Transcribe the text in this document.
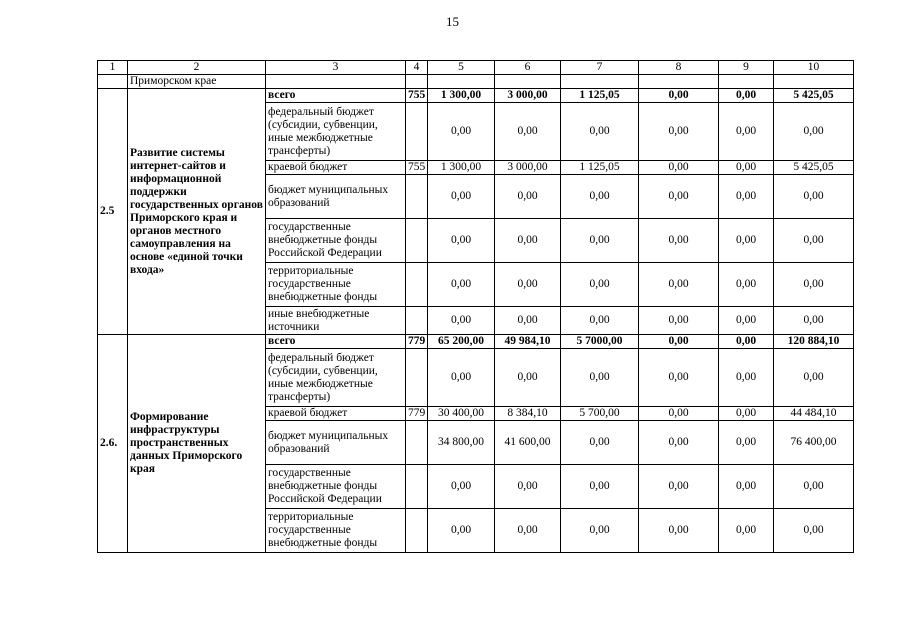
15
1	2	3	4	5	6	7	8	9	10
	Приморском крае								
2.5	Развитие системы интернет-сайтов и информационной поддержки государственных органов Приморского края и органов местного самоуправления на основе «единой точки входа»	всего	755	1 300,00	3 000,00	1 125,05	0,00	0,00	5 425,05
		федеральный бюджет (субсидии, субвенции, иные межбюджетные трансферты)		0,00	0,00	0,00	0,00	0,00	0,00
		краевой бюджет	755	1 300,00	3 000,00	1 125,05	0,00	0,00	5 425,05
		бюджет муниципальных образований		0,00	0,00	0,00	0,00	0,00	0,00
		государственные внебюджетные фонды Российской Федерации		0,00	0,00	0,00	0,00	0,00	0,00
		территориальные государственные внебюджетные фонды		0,00	0,00	0,00	0,00	0,00	0,00
		иные внебюджетные источники		0,00	0,00	0,00	0,00	0,00	0,00
2.6.	Формирование инфраструктуры пространственных данных Приморского края	всего	779	65 200,00	49 984,10	5 7000,00	0,00	0,00	120 884,10
		федеральный бюджет (субсидии, субвенции, иные межбюджетные трансферты)		0,00	0,00	0,00	0,00	0,00	0,00
		краевой бюджет	779	30 400,00	8 384,10	5 700,00	0,00	0,00	44 484,10
		бюджет муниципальных образований		34 800,00	41 600,00	0,00	0,00	0,00	76 400,00
		государственные внебюджетные фонды Российской Федерации		0,00	0,00	0,00	0,00	0,00	0,00
		территориальные государственные внебюджетные фонды		0,00	0,00	0,00	0,00	0,00	0,00
